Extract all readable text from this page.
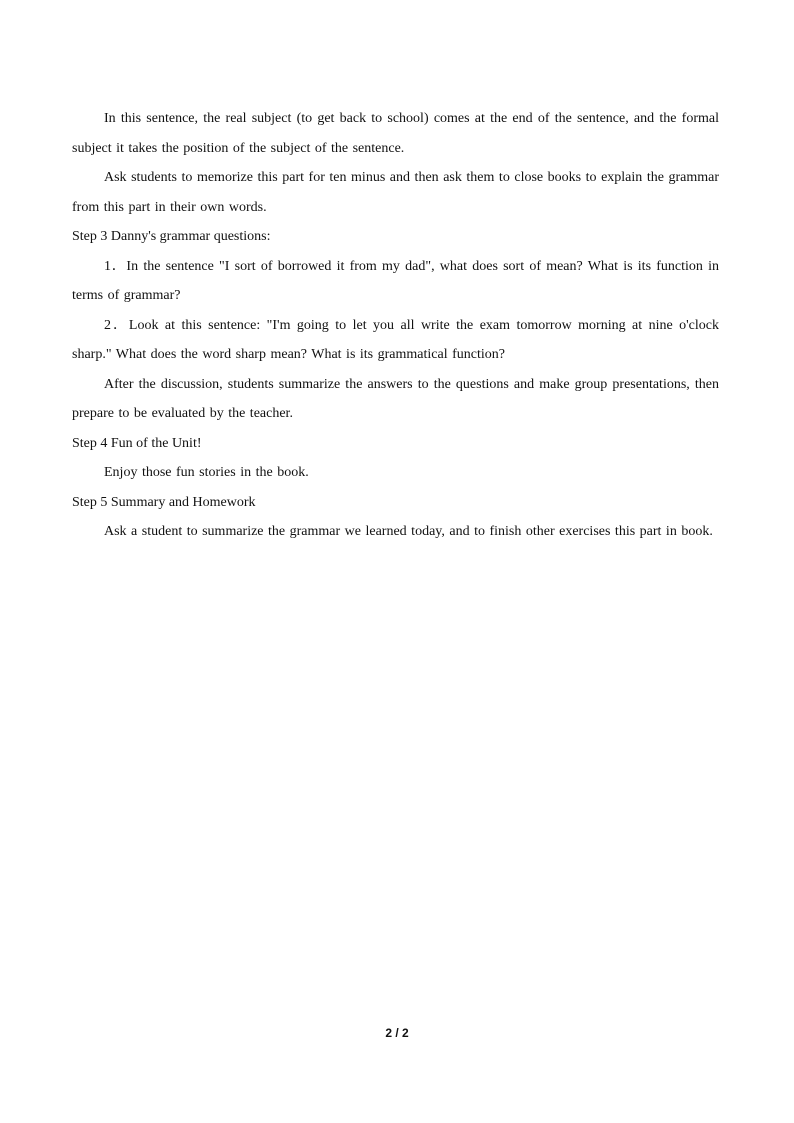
In this sentence, the real subject (to get back to school) comes at the end of the sentence, and the formal subject it takes the position of the subject of the sentence.

Ask students to memorize this part for ten minus and then ask them to close books to explain the grammar from this part in their own words.

Step 3 Danny's grammar questions:

1．In the sentence "I sort of borrowed it from my dad", what does sort of mean? What is its function in terms of grammar?

2．Look at this sentence: "I'm going to let you all write the exam tomorrow morning at nine o'clock sharp." What does the word sharp mean? What is its grammatical function?

After the discussion, students summarize the answers to the questions and make group presentations, then prepare to be evaluated by the teacher.

Step 4 Fun of the Unit!

Enjoy those fun stories in the book.

Step 5 Summary and Homework

Ask a student to summarize the grammar we learned today, and to finish other exercises this part in book.

2 / 2
